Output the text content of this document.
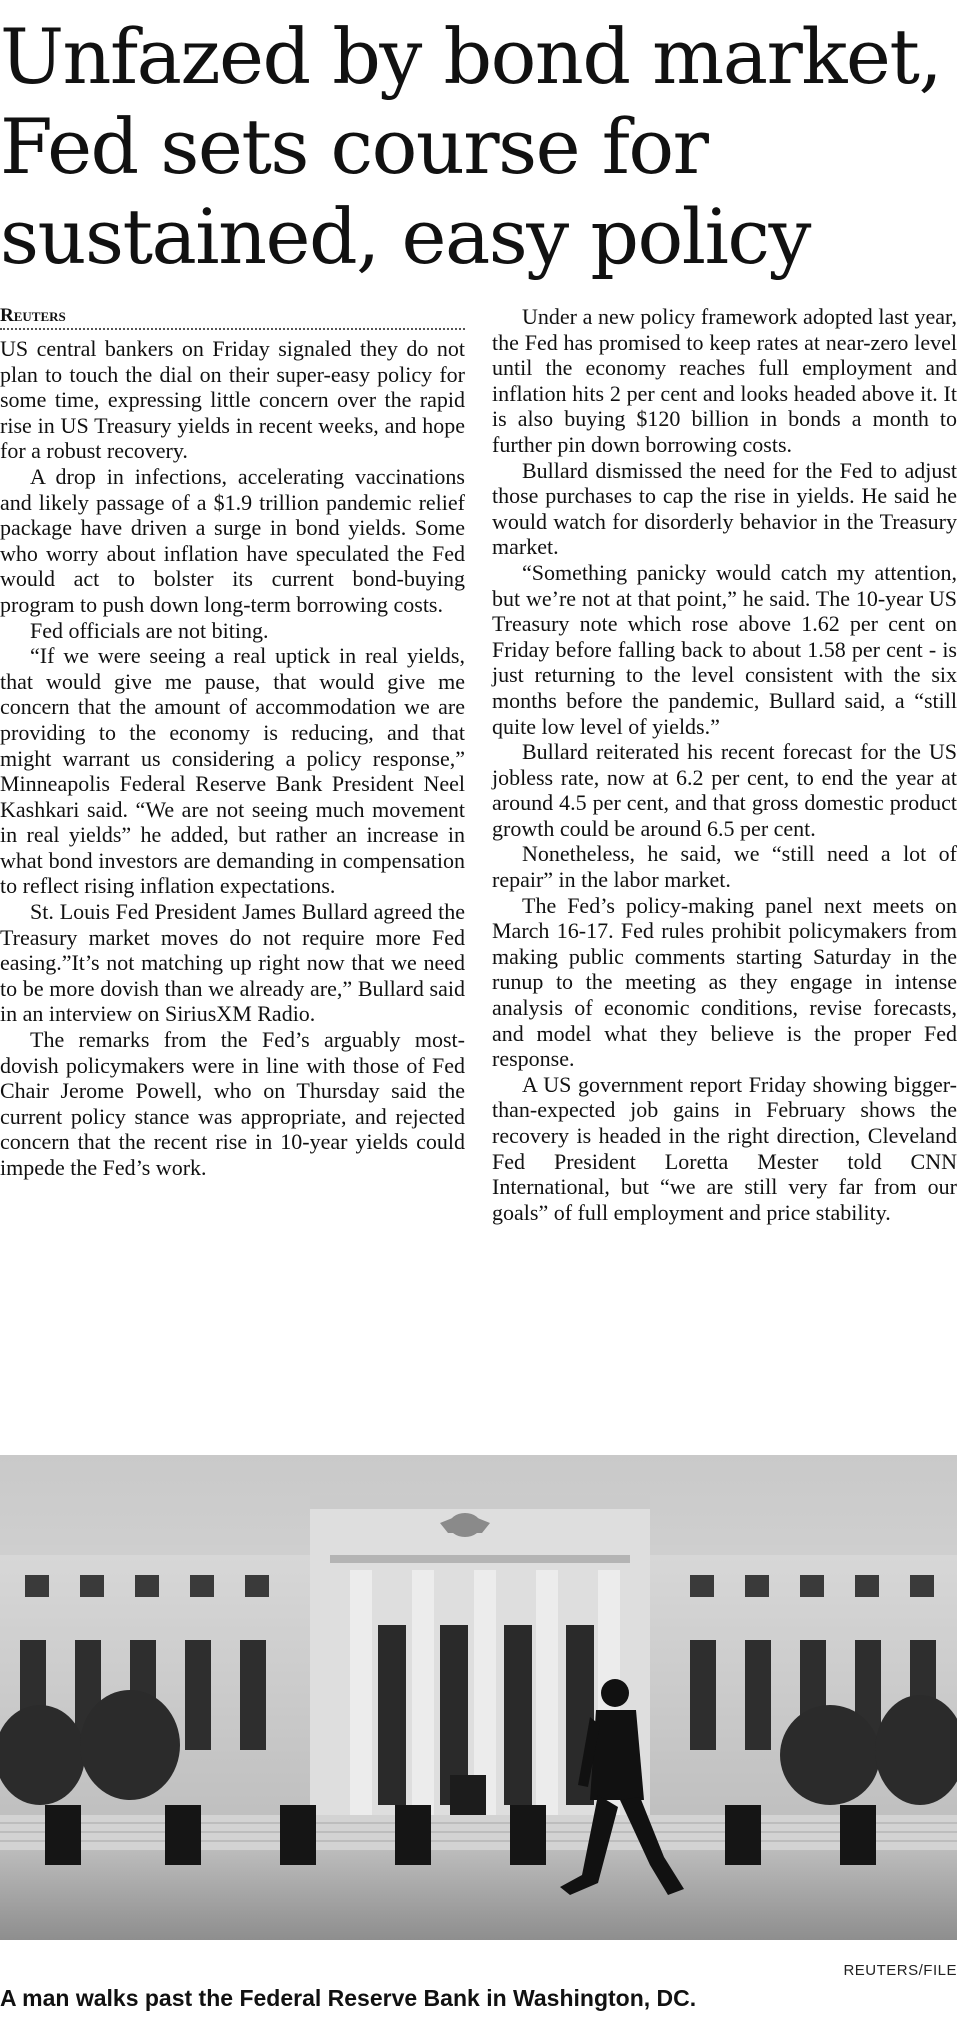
Unfazed by bond market, Fed sets course for sustained, easy policy
Reuters

US central bankers on Friday signaled they do not plan to touch the dial on their super-easy policy for some time, expressing little concern over the rapid rise in US Treasury yields in recent weeks, and hope for a robust recovery.

A drop in infections, accelerating vaccinations and likely passage of a $1.9 trillion pandemic relief package have driven a surge in bond yields. Some who worry about inflation have speculated the Fed would act to bolster its current bond-buying program to push down long-term borrowing costs.

Fed officials are not biting.

“If we were seeing a real uptick in real yields, that would give me pause, that would give me concern that the amount of accommodation we are providing to the economy is reducing, and that might warrant us considering a policy response,” Minneapolis Federal Reserve Bank President Neel Kashkari said. “We are not seeing much movement in real yields” he added, but rather an increase in what bond investors are demanding in compensation to reflect rising inflation expectations.

St. Louis Fed President James Bullard agreed the Treasury market moves do not require more Fed easing.”It’s not matching up right now that we need to be more dovish than we already are,” Bullard said in an interview on SiriusXM Radio.

The remarks from the Fed’s arguably most-dovish policymakers were in line with those of Fed Chair Jerome Powell, who on Thursday said the current policy stance was appropriate, and rejected concern that the recent rise in 10-year yields could impede the Fed’s work.

Under a new policy framework adopted last year, the Fed has promised to keep rates at near-zero level until the economy reaches full employment and inflation hits 2 per cent and looks headed above it. It is also buying $120 billion in bonds a month to further pin down borrowing costs.

Bullard dismissed the need for the Fed to adjust those purchases to cap the rise in yields. He said he would watch for disorderly behavior in the Treasury market.

“Something panicky would catch my attention, but we’re not at that point,” he said. The 10-year US Treasury note which rose above 1.62 per cent on Friday before falling back to about 1.58 per cent - is just returning to the level consistent with the six months before the pandemic, Bullard said, a “still quite low level of yields.”

Bullard reiterated his recent forecast for the US jobless rate, now at 6.2 per cent, to end the year at around 4.5 per cent, and that gross domestic product growth could be around 6.5 per cent.

Nonetheless, he said, we “still need a lot of repair” in the labor market.

The Fed’s policy-making panel next meets on March 16-17. Fed rules prohibit policymakers from making public comments starting Saturday in the runup to the meeting as they engage in intense analysis of economic conditions, revise forecasts, and model what they believe is the proper Fed response.

A US government report Friday showing bigger-than-expected job gains in February shows the recovery is headed in the right direction, Cleveland Fed President Loretta Mester told CNN International, but “we are still very far from our goals” of full employment and price stability.

REUTERS/FILE
A man walks past the Federal Reserve Bank in Washington, DC.
